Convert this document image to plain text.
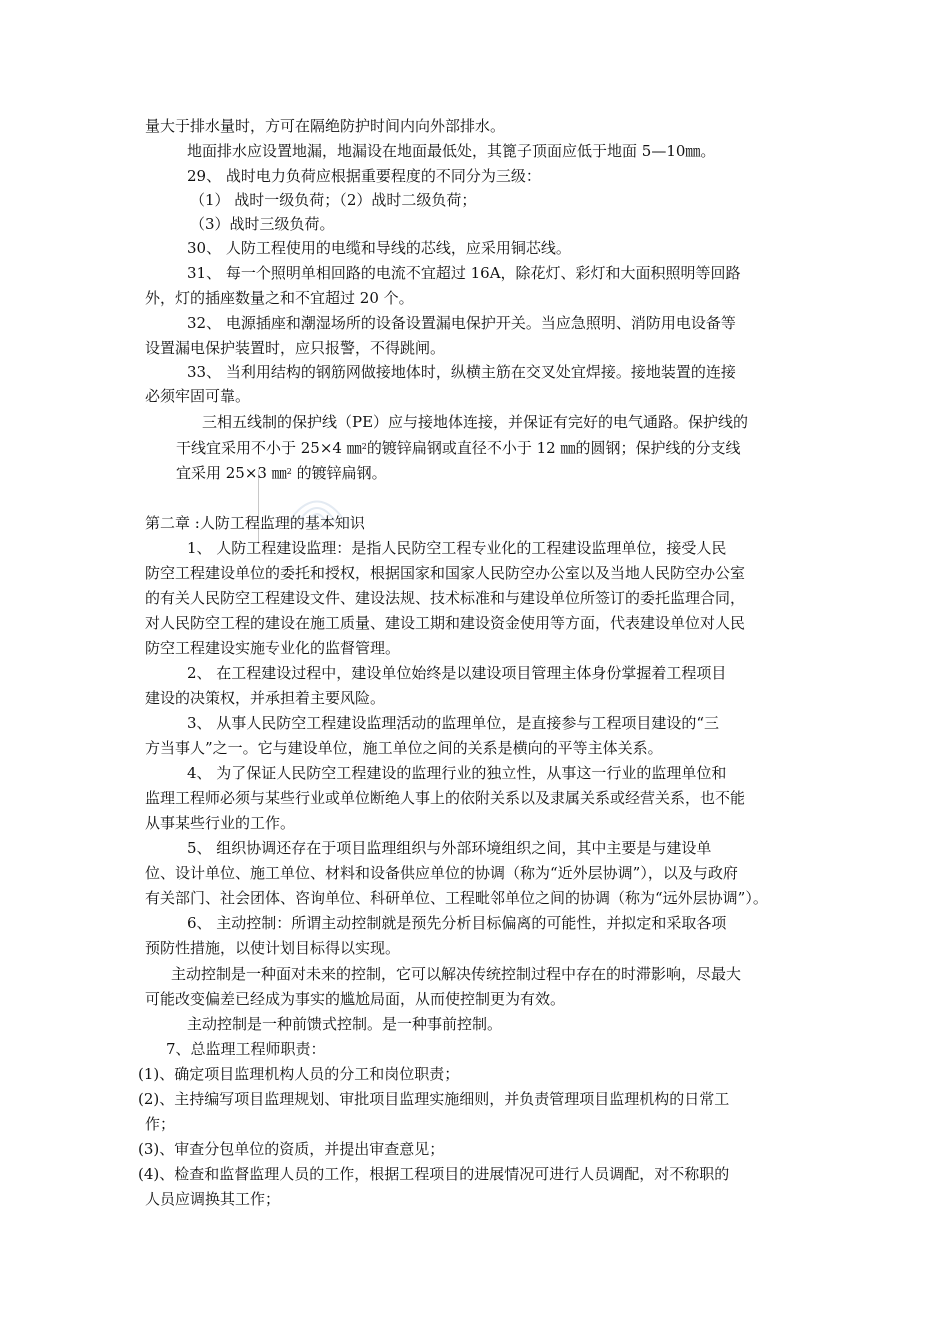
量大于排水量时，方可在隔绝防护时间内向外部排水。
地面排水应设置地漏，地漏设在地面最低处，其篦子顶面应低于地面 5—10㎜。
29、 战时电力负荷应根据重要程度的不同分为三级：
（1） 战时一级负荷；（2）战时二级负荷；
（3）战时三级负荷。
30、 人防工程使用的电缆和导线的芯线，应采用铜芯线。
31、 每一个照明单相回路的电流不宜超过 16A，除花灯、彩灯和大面积照明等回路
外，灯的插座数量之和不宜超过 20 个。
32、 电源插座和潮湿场所的设备设置漏电保护开关。当应急照明、消防用电设备等
设置漏电保护装置时，应只报警，不得跳闸。
33、 当利用结构的钢筋网做接地体时，纵横主筋在交叉处宜焊接。接地装置的连接
必须牢固可靠。
三相五线制的保护线（PE）应与接地体连接，并保证有完好的电气通路。保护线的
干线宜采用不小于 25×4 ㎜$^2$的镀锌扁钢或直径不小于 12 ㎜的圆钢；保护线的分支线
宜采用 25×3 ㎜$^2$ 的镀锌扁钢。
第二章 :人防工程监理的基本知识
1、 人防工程建设监理：是指人民防空工程专业化的工程建设监理单位，接受人民
防空工程建设单位的委托和授权，根据国家和国家人民防空办公室以及当地人民防空办公室
的有关人民防空工程建设文件、建设法规、技术标准和与建设单位所签订的委托监理合同，
对人民防空工程的建设在施工质量、建设工期和建设资金使用等方面，代表建设单位对人民
防空工程建设实施专业化的监督管理。
2、 在工程建设过程中，建设单位始终是以建设项目管理主体身份掌握着工程项目
建设的决策权，并承担着主要风险。
3、 从事人民防空工程建设监理活动的监理单位，是直接参与工程项目建设的“三
方当事人”之一。它与建设单位，施工单位之间的关系是横向的平等主体关系。
4、 为了保证人民防空工程建设的监理行业的独立性，从事这一行业的监理单位和
监理工程师必须与某些行业或单位断绝人事上的依附关系以及隶属关系或经营关系，也不能
从事某些行业的工作。
5、 组织协调还存在于项目监理组织与外部环境组织之间，其中主要是与建设单
位、设计单位、施工单位、材料和设备供应单位的协调（称为“近外层协调”），以及与政府
有关部门、社会团体、咨询单位、科研单位、工程毗邻单位之间的协调（称为“远外层协调”）。
6、 主动控制：所谓主动控制就是预先分析目标偏离的可能性，并拟定和采取各项
预防性措施，以使计划目标得以实现。
主动控制是一种面对未来的控制，它可以解决传统控制过程中存在的时滞影响，尽最大
可能改变偏差已经成为事实的尴尬局面，从而使控制更为有效。
主动控制是一种前馈式控制。是一种事前控制。
7、总监理工程师职责：
(1)、确定项目监理机构人员的分工和岗位职责；
(2)、主持编写项目监理规划、审批项目监理实施细则，并负责管理项目监理机构的日常工
作；
(3)、审查分包单位的资质，并提出审查意见；
(4)、检查和监督监理人员的工作，根据工程项目的进展情况可进行人员调配，对不称职的
人员应调换其工作；
